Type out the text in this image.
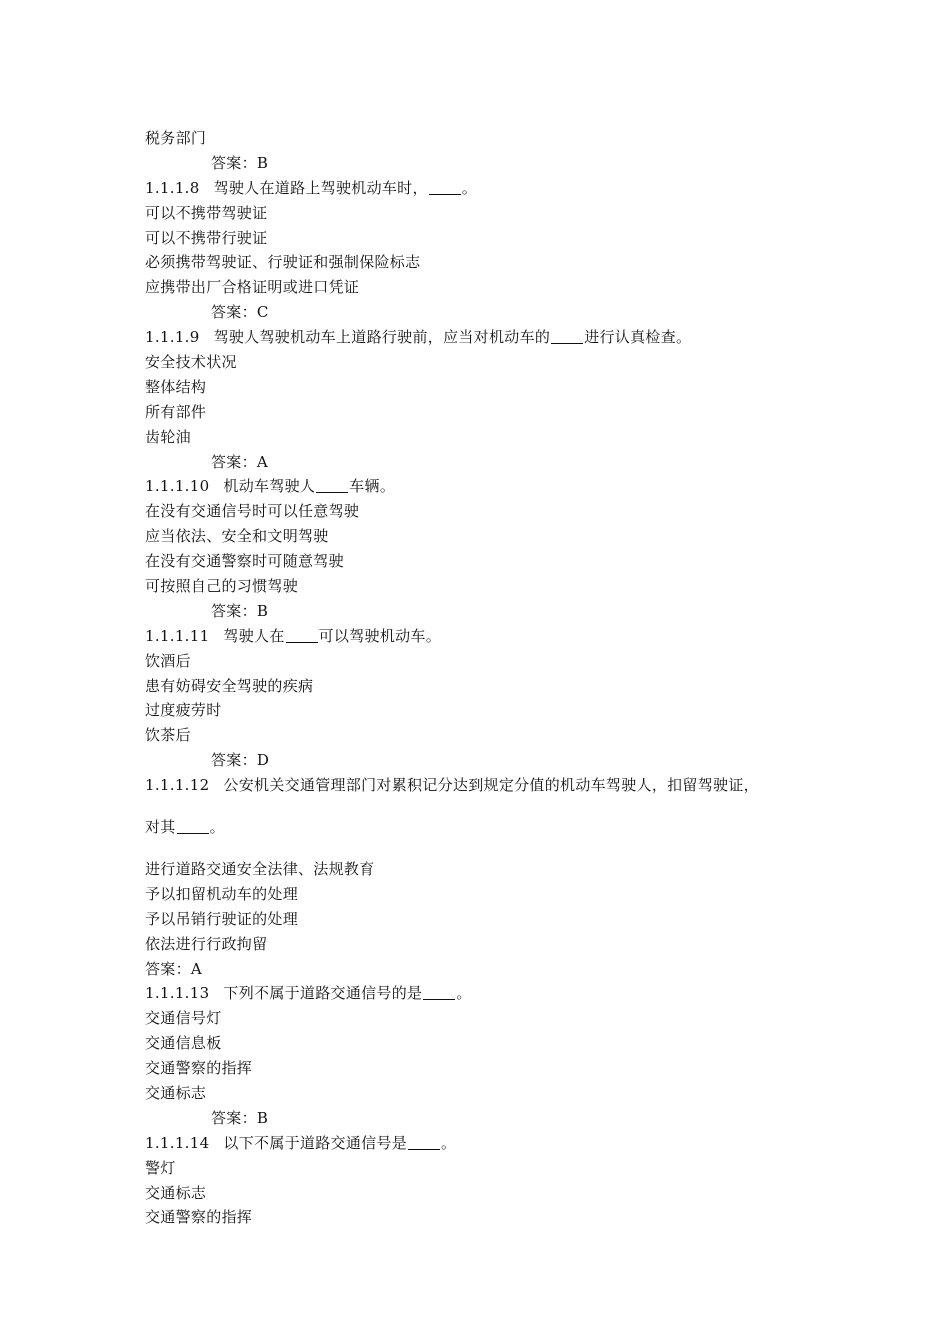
税务部门
答案：B
1.1.1.8 驾驶人在道路上驾驶机动车时， 。
可以不携带驾驶证
可以不携带行驶证
必须携带驾驶证、行驶证和强制保险标志
应携带出厂合格证明或进口凭证
答案：C
1.1.1.9 驾驶人驾驶机动车上道路行驶前，应当对机动车的 进行认真检查。
安全技术状况
整体结构
所有部件
齿轮油
答案：A
1.1.1.10 机动车驾驶人 车辆。
在没有交通信号时可以任意驾驶
应当依法、安全和文明驾驶
在没有交通警察时可随意驾驶
可按照自己的习惯驾驶
答案：B
1.1.1.11 驾驶人在 可以驾驶机动车。
饮酒后
患有妨碍安全驾驶的疾病
过度疲劳时
饮茶后
答案：D
1.1.1.12 公安机关交通管理部门对累积记分达到规定分值的机动车驾驶人，扣留驾驶证，
对其 。
进行道路交通安全法律、法规教育
予以扣留机动车的处理
予以吊销行驶证的处理
依法进行行政拘留
答案：A
1.1.1.13 下列不属于道路交通信号的是 。
交通信号灯
交通信息板
交通警察的指挥
交通标志
答案：B
1.1.1.14 以下不属于道路交通信号是 。
警灯
交通标志
交通警察的指挥
